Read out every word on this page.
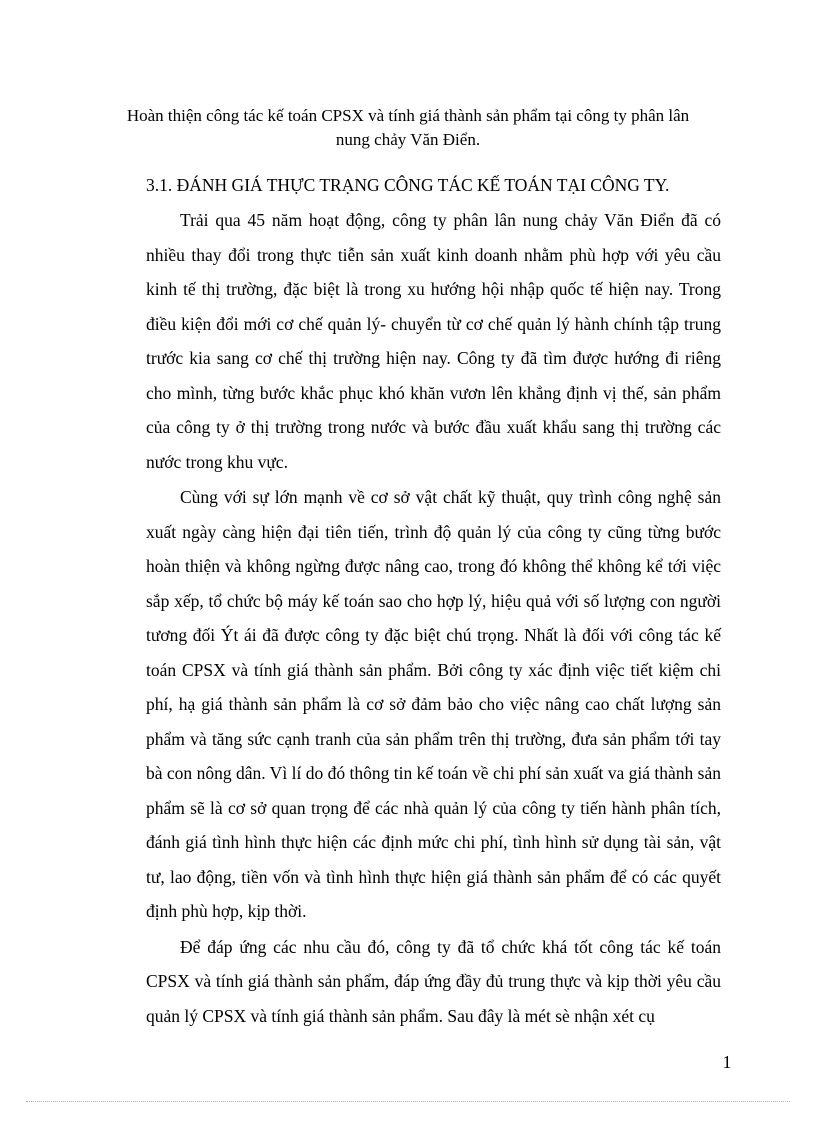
Hoàn thiện công tác kế toán CPSX và tính giá thành sản phẩm tại công ty phân lân nung chảy Văn Điển.
3.1. ĐÁNH GIÁ THỰC TRẠNG CÔNG TÁC KẾ TOÁN TẠI CÔNG TY.

Trải qua 45 năm hoạt động, công ty phân lân nung chảy Văn Điển đã có nhiều thay đổi trong thực tiễn sản xuất kinh doanh nhằm phù hợp với yêu cầu kinh tế thị trường, đặc biệt là trong xu hướng hội nhập quốc tế hiện nay. Trong điều kiện đổi mới cơ chế quản lý- chuyển từ cơ chế quản lý hành chính tập trung trước kia sang cơ chế thị trường hiện nay. Công ty đã tìm được hướng đi riêng cho mình, từng bước khắc phục khó khăn vươn lên khẳng định vị thế, sản phẩm của công ty ở thị trường trong nước và bước đầu xuất khẩu sang thị trường các nước trong khu vực.

Cùng với sự lớn mạnh về cơ sở vật chất kỹ thuật, quy trình công nghệ sản xuất ngày càng hiện đại tiên tiến, trình độ quản lý của công ty cũng từng bước hoàn thiện và không ngừng được nâng cao, trong đó không thể không kể tới việc sắp xếp, tổ chức bộ máy kế toán sao cho hợp lý, hiệu quả với số lượng con người tương đối Ýt ái đã được công ty đặc biệt chú trọng. Nhất là đối với công tác kế toán CPSX và tính giá thành sản phẩm. Bởi công ty xác định việc tiết kiệm chi phí, hạ giá thành sản phẩm là cơ sở đảm bảo cho việc nâng cao chất lượng sản phẩm và tăng sức cạnh tranh của sản phẩm trên thị trường, đưa sản phẩm tới tay bà con nông dân. Vì lí do đó thông tin kế toán về chi phí sản xuất va giá thành sản phẩm sẽ là cơ sở quan trọng để các nhà quản lý của công ty tiến hành phân tích, đánh giá tình hình thực hiện các định mức chi phí, tình hình sử dụng tài sản, vật tư, lao động, tiền vốn và tình hình thực hiện giá thành sản phẩm để có các quyết định phù hợp, kịp thời.

Để đáp ứng các nhu cầu đó, công ty đã tổ chức khá tốt công tác kế toán CPSX và tính giá thành sản phẩm, đáp ứng đầy đủ trung thực và kịp thời yêu cầu quản lý CPSX và tính giá thành sản phẩm. Sau đây là mét sè nhận xét cụ

1
